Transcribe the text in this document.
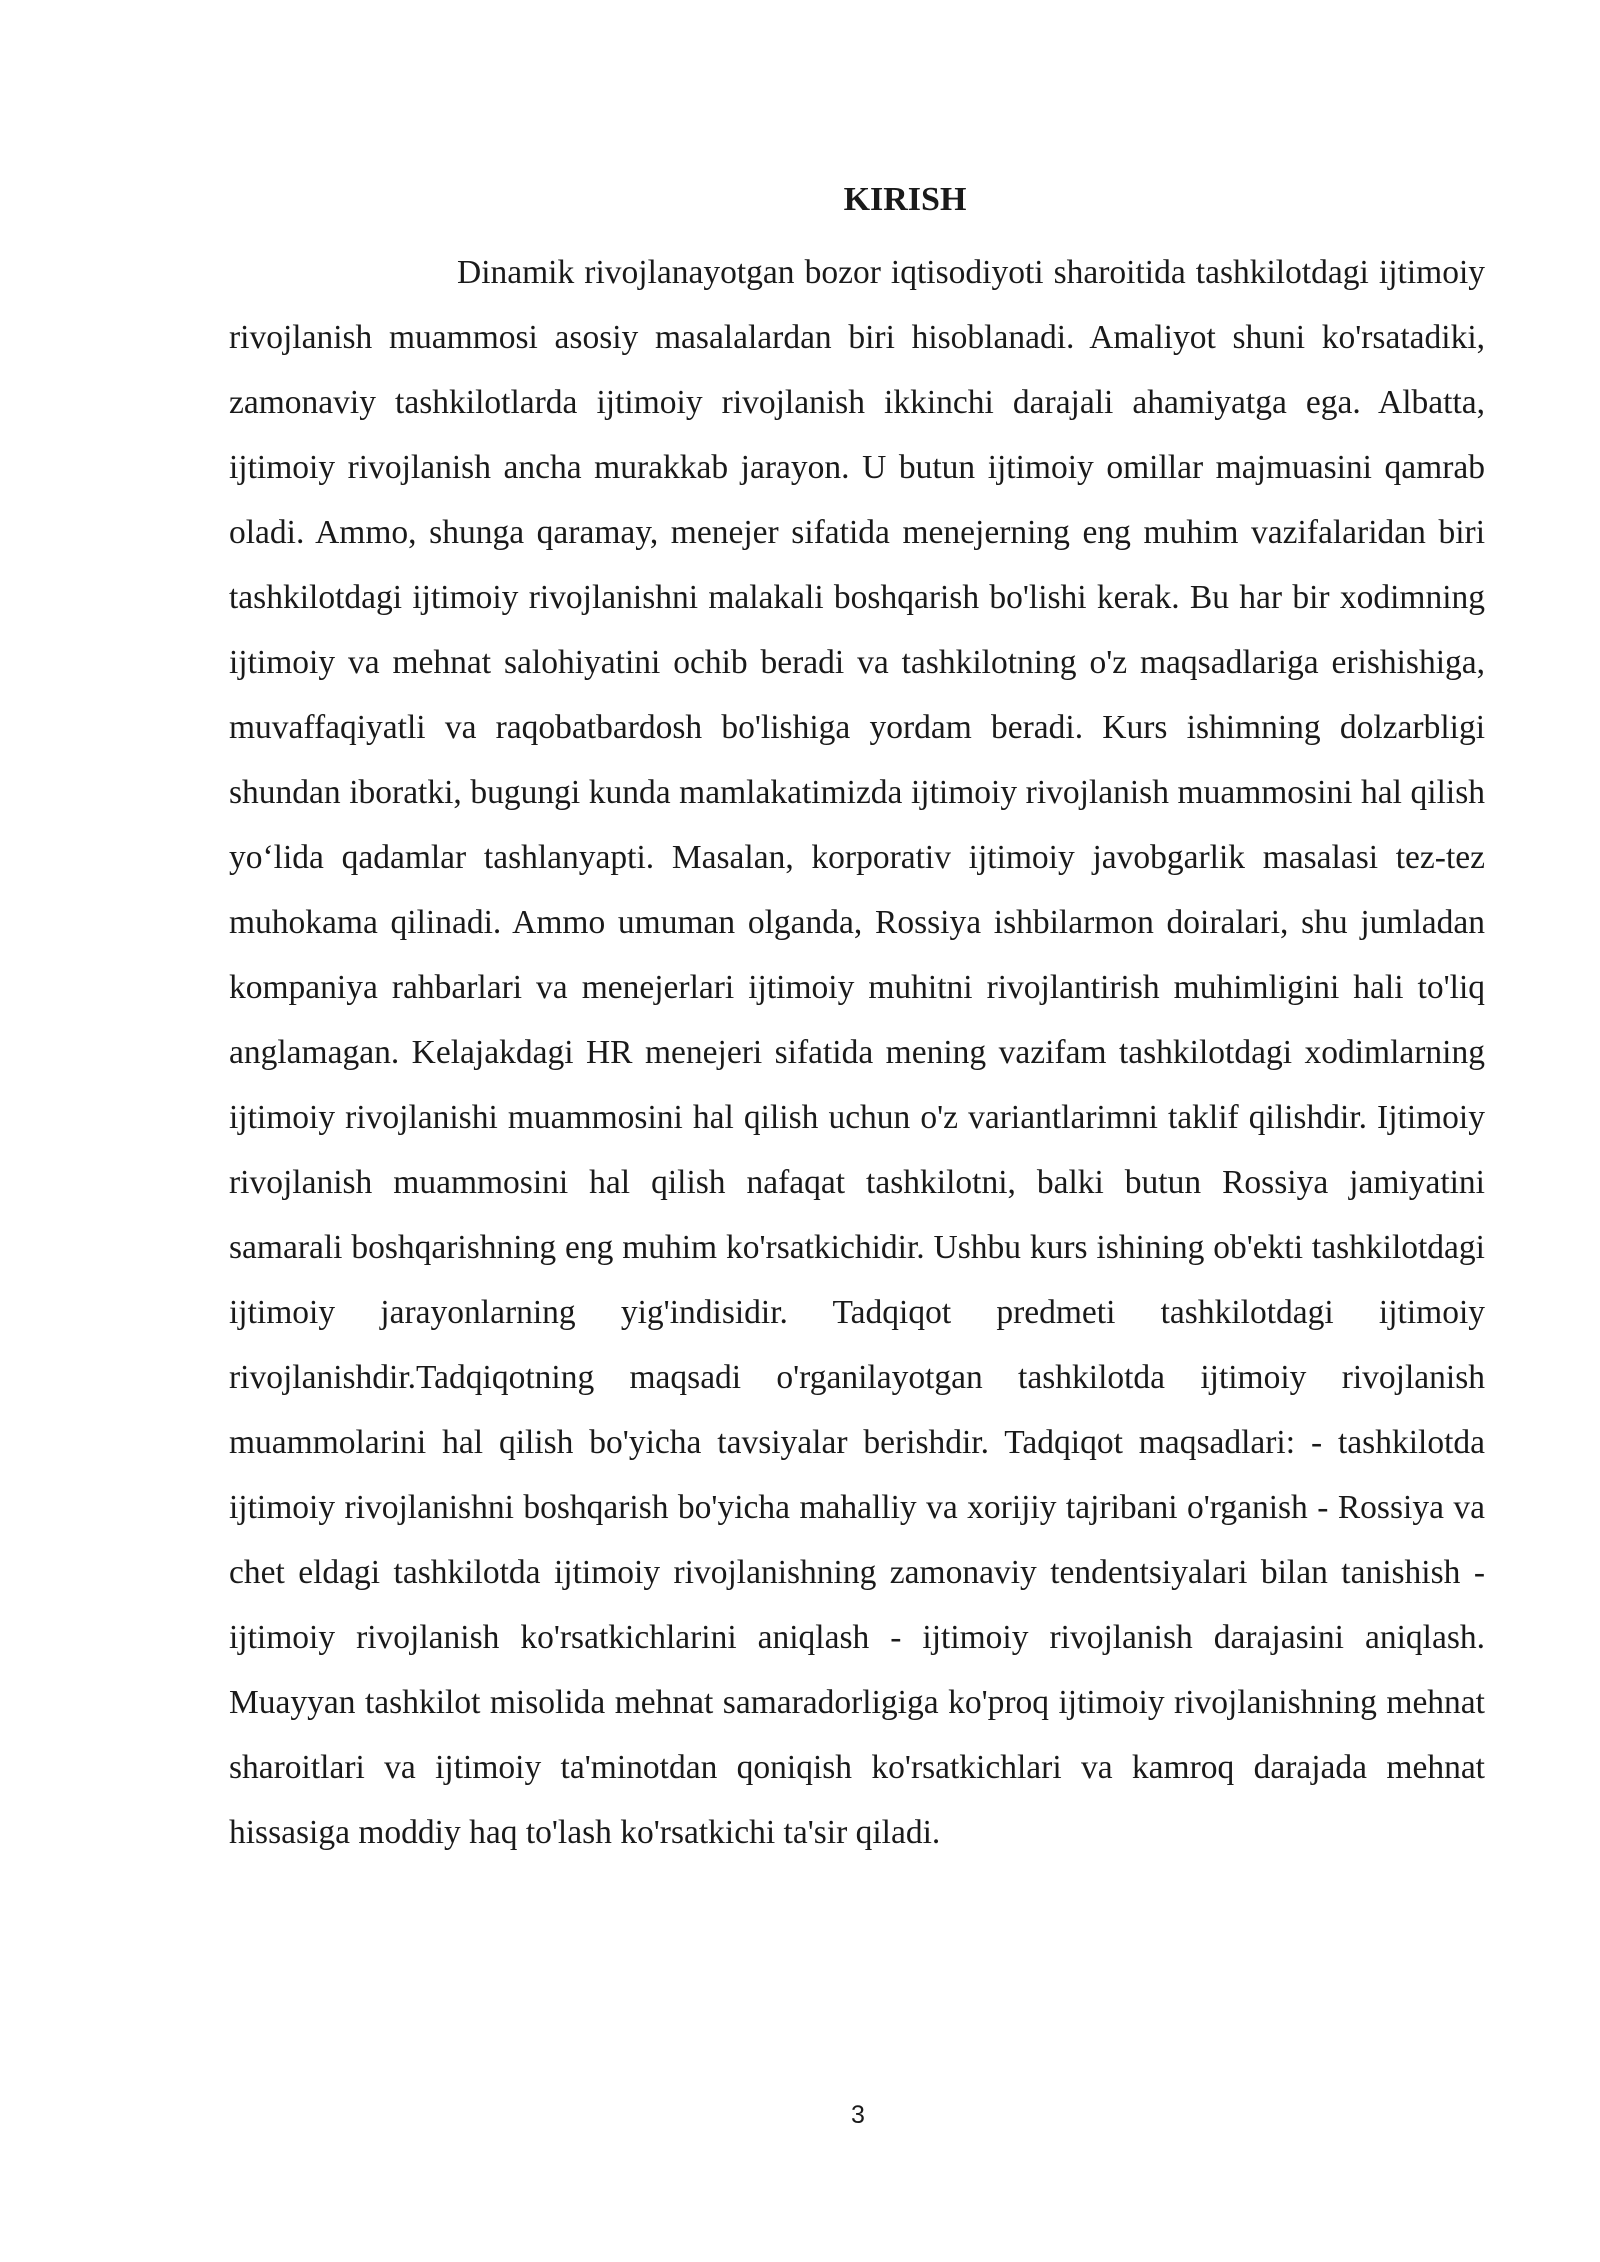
KIRISH

Dinamik rivojlanayotgan bozor iqtisodiyoti sharoitida tashkilotdagi ijtimoiy rivojlanish muammosi asosiy masalalardan biri hisoblanadi. Amaliyot shuni ko'rsatadiki, zamonaviy tashkilotlarda ijtimoiy rivojlanish ikkinchi darajali ahamiyatga ega. Albatta, ijtimoiy rivojlanish ancha murakkab jarayon. U butun ijtimoiy omillar majmuasini qamrab oladi. Ammo, shunga qaramay, menejer sifatida menejerning eng muhim vazifalaridan biri tashkilotdagi ijtimoiy rivojlanishni malakali boshqarish bo'lishi kerak. Bu har bir xodimning ijtimoiy va mehnat salohiyatini ochib beradi va tashkilotning o'z maqsadlariga erishishiga, muvaffaqiyatli va raqobatbardosh bo'lishiga yordam beradi. Kurs ishimning dolzarbligi shundan iboratki, bugungi kunda mamlakatimizda ijtimoiy rivojlanish muammosini hal qilish yo‘lida qadamlar tashlanyapti. Masalan, korporativ ijtimoiy javobgarlik masalasi tez-tez muhokama qilinadi. Ammo umuman olganda, Rossiya ishbilarmon doiralari, shu jumladan kompaniya rahbarlari va menejerlari ijtimoiy muhitni rivojlantirish muhimligini hali to'liq anglamagan. Kelajakdagi HR menejeri sifatida mening vazifam tashkilotdagi xodimlarning ijtimoiy rivojlanishi muammosini hal qilish uchun o'z variantlarimni taklif qilishdir. Ijtimoiy rivojlanish muammosini hal qilish nafaqat tashkilotni, balki butun Rossiya jamiyatini samarali boshqarishning eng muhim ko'rsatkichidir. Ushbu kurs ishining ob'ekti tashkilotdagi ijtimoiy jarayonlarning yig'indisidir. Tadqiqot predmeti tashkilotdagi ijtimoiy rivojlanishdir.Tadqiqotning maqsadi o'rganilayotgan tashkilotda ijtimoiy rivojlanish muammolarini hal qilish bo'yicha tavsiyalar berishdir. Tadqiqot maqsadlari: - tashkilotda ijtimoiy rivojlanishni boshqarish bo'yicha mahalliy va xorijiy tajribani o'rganish - Rossiya va chet eldagi tashkilotda ijtimoiy rivojlanishning zamonaviy tendentsiyalari bilan tanishish - ijtimoiy rivojlanish ko'rsatkichlarini aniqlash - ijtimoiy rivojlanish darajasini aniqlash. Muayyan tashkilot misolida mehnat samaradorligiga ko'proq ijtimoiy rivojlanishning mehnat sharoitlari va ijtimoiy ta'minotdan qoniqish ko'rsatkichlari va kamroq darajada mehnat hissasiga moddiy haq to'lash ko'rsatkichi ta'sir qiladi.

3
